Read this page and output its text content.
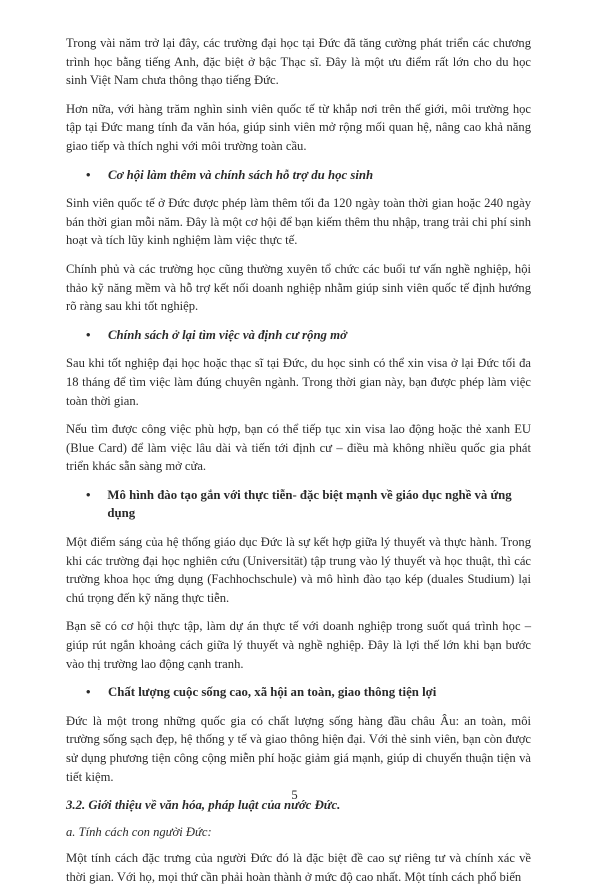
Trong vài năm trở lại đây, các trường đại học tại Đức đã tăng cường phát triển các chương trình học bằng tiếng Anh, đặc biệt ở bậc Thạc sĩ. Đây là một ưu điểm rất lớn cho du học sinh Việt Nam chưa thông thạo tiếng Đức.

Hơn nữa, với hàng trăm nghìn sinh viên quốc tế từ khắp nơi trên thế giới, môi trường học tập tại Đức mang tính đa văn hóa, giúp sinh viên mở rộng mối quan hệ, nâng cao khả năng giao tiếp và thích nghi với môi trường toàn cầu.

•	Cơ hội làm thêm và chính sách hỗ trợ du học sinh

Sinh viên quốc tế ở Đức được phép làm thêm tối đa 120 ngày toàn thời gian hoặc 240 ngày bán thời gian mỗi năm. Đây là một cơ hội để bạn kiếm thêm thu nhập, trang trải chi phí sinh hoạt và tích lũy kinh nghiệm làm việc thực tế.

Chính phủ và các trường học cũng thường xuyên tổ chức các buổi tư vấn nghề nghiệp, hội thảo kỹ năng mềm và hỗ trợ kết nối doanh nghiệp nhằm giúp sinh viên quốc tế định hướng rõ ràng sau khi tốt nghiệp.

•	Chính sách ở lại tìm việc và định cư rộng mở

Sau khi tốt nghiệp đại học hoặc thạc sĩ tại Đức, du học sinh có thể xin visa ở lại Đức tối đa 18 tháng để tìm việc làm đúng chuyên ngành. Trong thời gian này, bạn được phép làm việc toàn thời gian.

Nếu tìm được công việc phù hợp, bạn có thể tiếp tục xin visa lao động hoặc thẻ xanh EU (Blue Card) để làm việc lâu dài và tiến tới định cư – điều mà không nhiều quốc gia phát triển khác sẵn sàng mở cửa.

•	Mô hình đào tạo gắn với thực tiễn- đặc biệt mạnh về giáo dục nghề và ứng dụng

Một điểm sáng của hệ thống giáo dục Đức là sự kết hợp giữa lý thuyết và thực hành. Trong khi các trường đại học nghiên cứu (Universität) tập trung vào lý thuyết và học thuật, thì các trường khoa học ứng dụng (Fachhochschule) và mô hình đào tạo kép (duales Studium) lại chú trọng đến kỹ năng thực tiễn.

Bạn sẽ có cơ hội thực tập, làm dự án thực tế với doanh nghiệp trong suốt quá trình học – giúp rút ngắn khoảng cách giữa lý thuyết và nghề nghiệp. Đây là lợi thế lớn khi bạn bước vào thị trường lao động cạnh tranh.

•	Chất lượng cuộc sống cao, xã hội an toàn, giao thông tiện lợi

Đức là một trong những quốc gia có chất lượng sống hàng đầu châu Âu: an toàn, môi trường sống sạch đẹp, hệ thống y tế và giao thông hiện đại. Với thẻ sinh viên, bạn còn được sử dụng phương tiện công cộng miễn phí hoặc giảm giá mạnh, giúp di chuyển thuận tiện và tiết kiệm.

3.2. Giới thiệu về văn hóa, pháp luật của nước Đức.
a. Tính cách con người Đức:

Một tính cách đặc trưng của người Đức đó là đặc biệt đề cao sự riêng tư và chính xác về thời gian. Với họ, mọi thứ cần phải hoàn thành ở mức độ cao nhất. Một tính cách phổ biến

5
